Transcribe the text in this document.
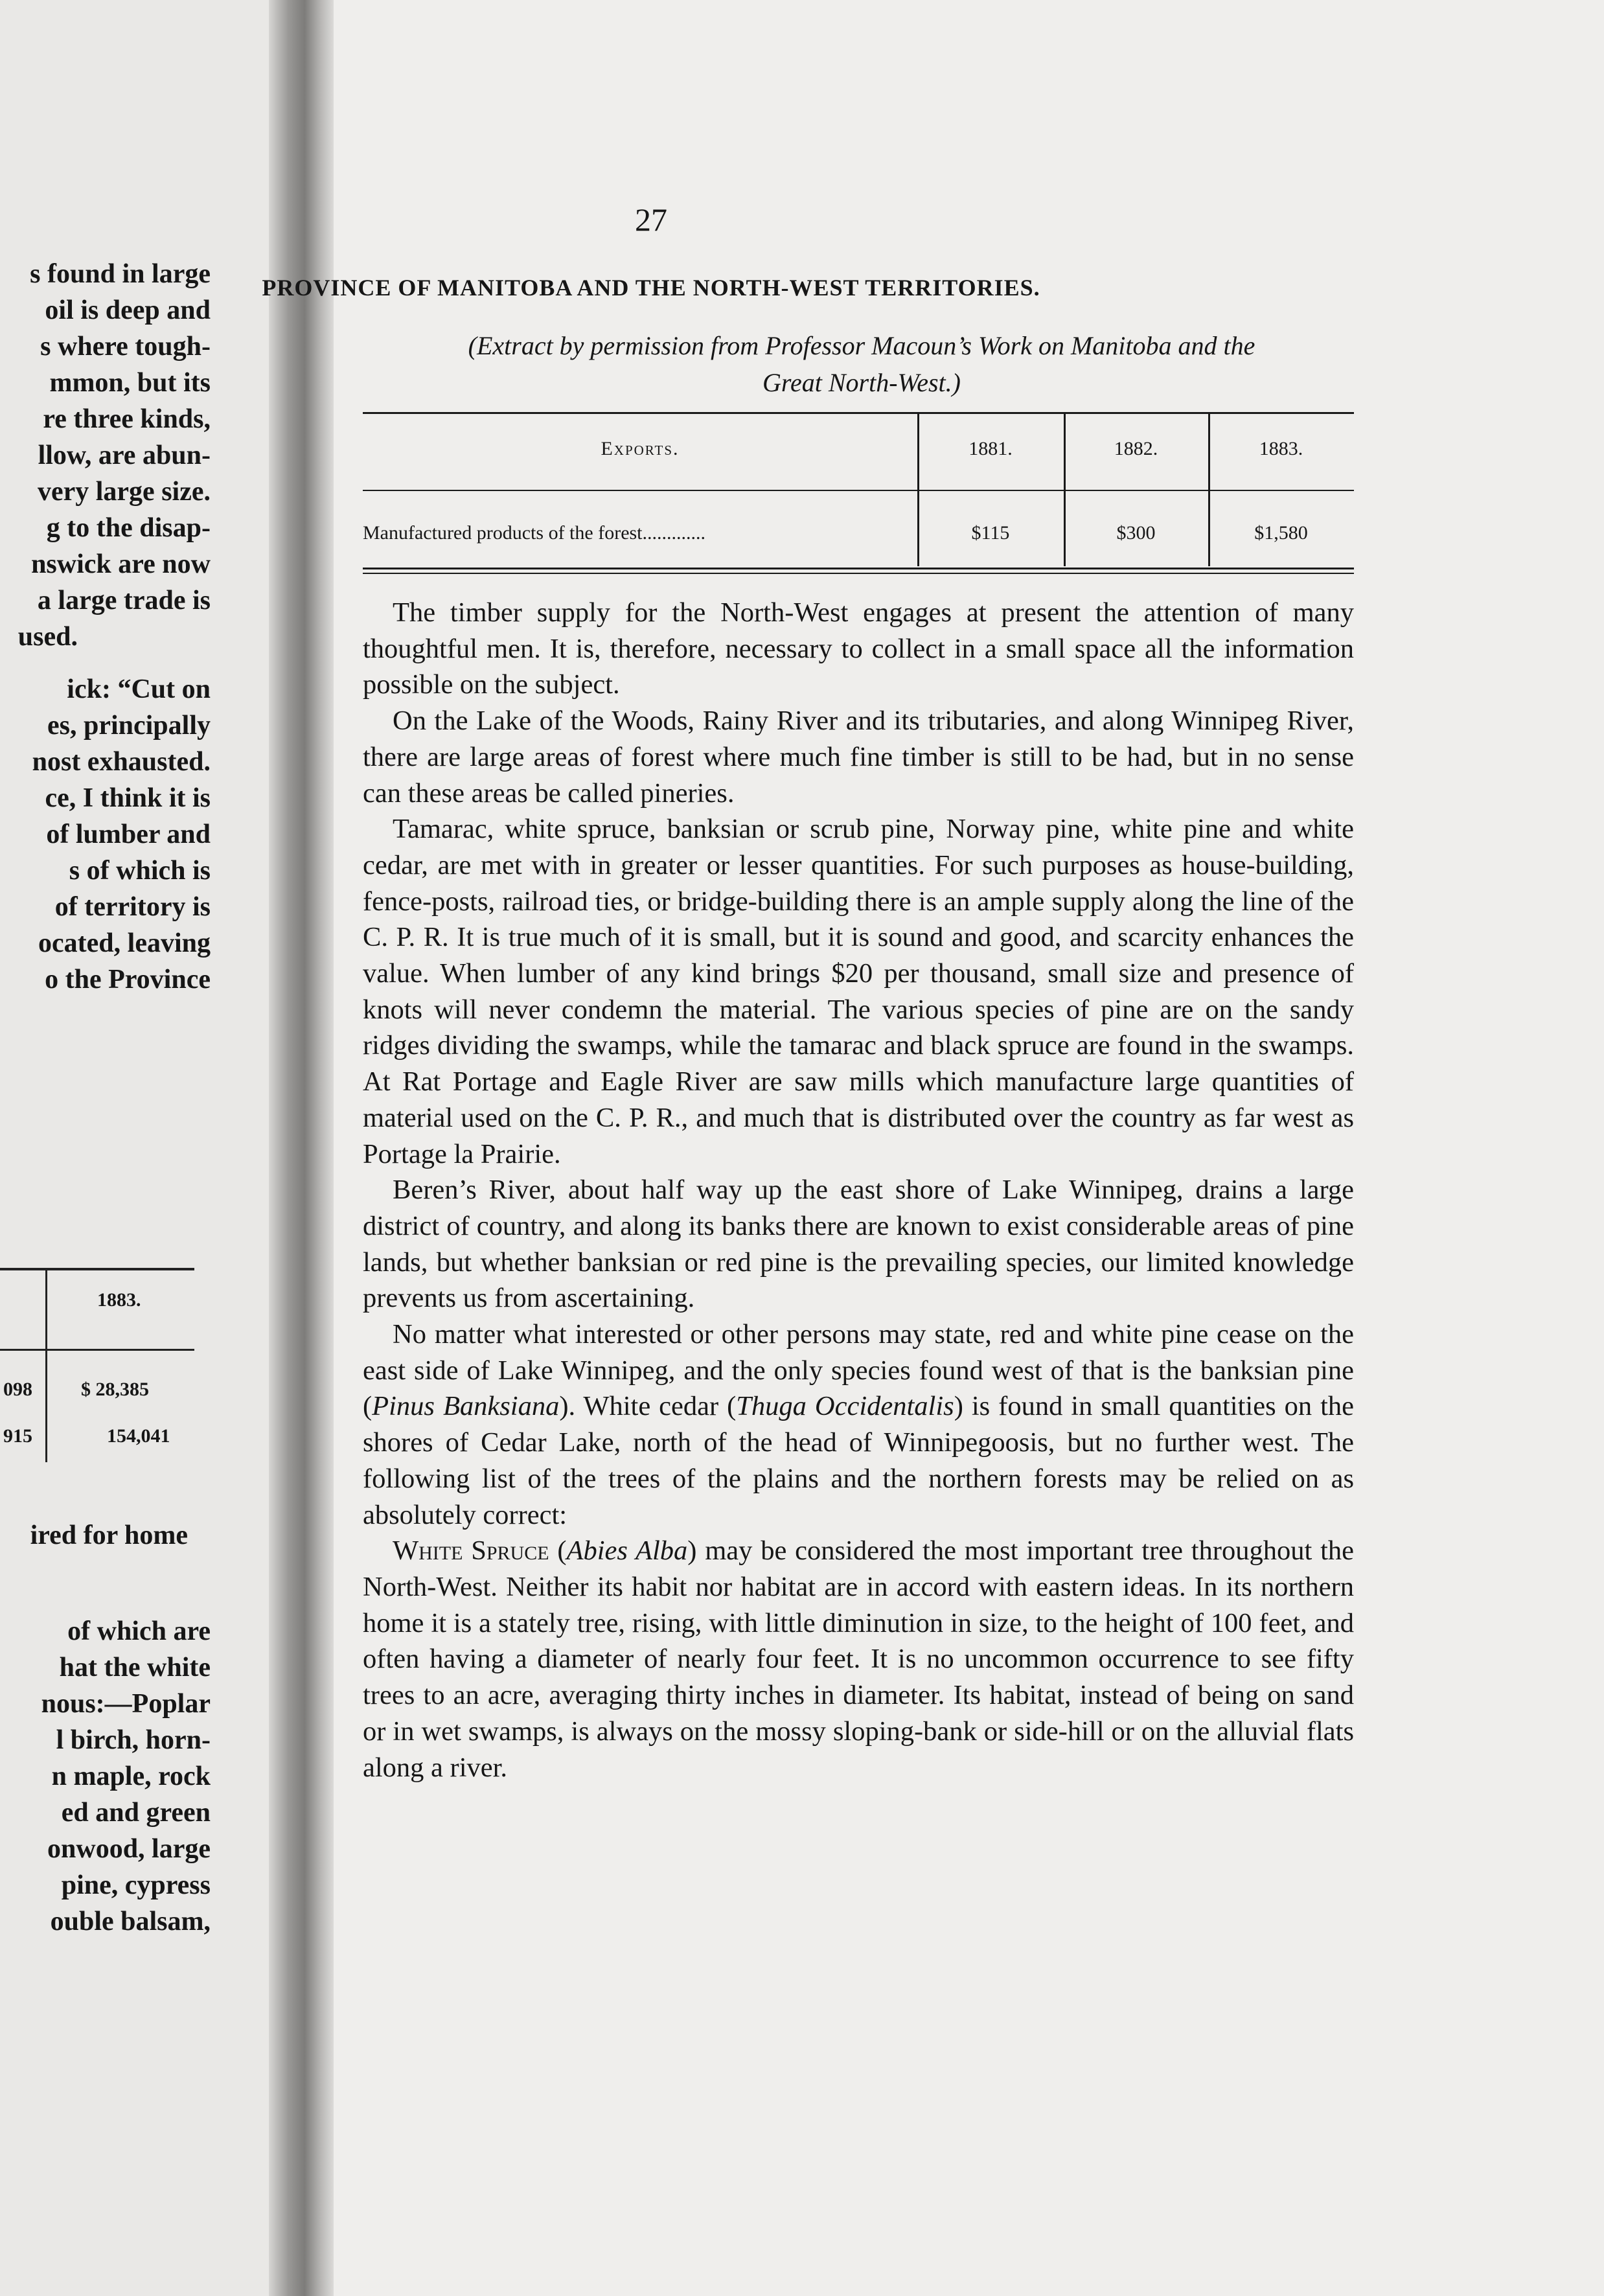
s found in large
oil is deep and
s where tough-
mmon, but its
re three kinds,
llow, are abun-
very large size.
g to the disap-
nswick are now
a large trade is
used.
ick: “Cut on
es, principally
nost exhausted.
ce, I think it is
of lumber and
s of which is
of territory is
ocated, leaving
o the Province
1883.
098	$ 28,385
915	154,041
ired for home
of which are
hat the white
nous:—Poplar
l birch, horn-
n maple, rock
ed and green
onwood, large
pine, cypress
ouble balsam,
27
PROVINCE OF MANITOBA AND THE NORTH-WEST TERRITORIES.
(Extract by permission from Professor Macoun’s Work on Manitoba and the
Great North-West.)
Exports.	1881.	1882.	1883.
Manufactured products of the forest.............	$115	$300	$1,580

The timber supply for the North-West engages at present the attention of many thoughtful men. It is, therefore, necessary to collect in a small space all the information possible on the subject.

On the Lake of the Woods, Rainy River and its tributaries, and along Winnipeg River, there are large areas of forest where much fine timber is still to be had, but in no sense can these areas be called pineries.

Tamarac, white spruce, banksian or scrub pine, Norway pine, white pine and white cedar, are met with in greater or lesser quantities. For such purposes as house-building, fence-posts, railroad ties, or bridge-building there is an ample supply along the line of the C. P. R. It is true much of it is small, but it is sound and good, and scarcity enhances the value. When lumber of any kind brings $20 per thousand, small size and presence of knots will never condemn the material. The various species of pine are on the sandy ridges dividing the swamps, while the tamarac and black spruce are found in the swamps. At Rat Portage and Eagle River are saw mills which manufacture large quantities of material used on the C. P. R., and much that is distributed over the country as far west as Portage la Prairie.

Beren’s River, about half way up the east shore of Lake Winnipeg, drains a large district of country, and along its banks there are known to exist considerable areas of pine lands, but whether banksian or red pine is the prevailing species, our limited knowledge prevents us from ascertaining.

No matter what interested or other persons may state, red and white pine cease on the east side of Lake Winnipeg, and the only species found west of that is the banksian pine (Pinus Banksiana). White cedar (Thuga Occidentalis) is found in small quantities on the shores of Cedar Lake, north of the head of Winnipegoosis, but no further west. The following list of the trees of the plains and the northern forests may be relied on as absolutely correct:

White Spruce (Abies Alba) may be considered the most important tree throughout the North-West. Neither its habit nor habitat are in accord with eastern ideas. In its northern home it is a stately tree, rising, with little diminution in size, to the height of 100 feet, and often having a diameter of nearly four feet. It is no uncommon occurrence to see fifty trees to an acre, averaging thirty inches in diameter. Its habitat, instead of being on sand or in wet swamps, is always on the mossy sloping-bank or side-hill or on the alluvial flats along a river.
